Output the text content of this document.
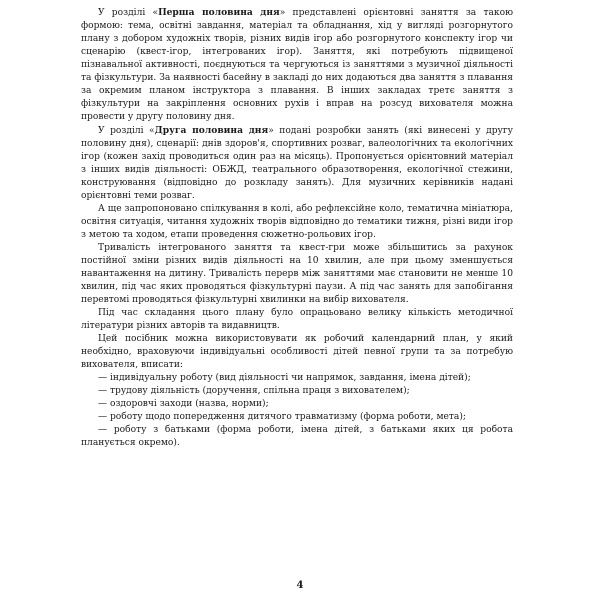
У розділі «Перша половина дня» представлені орієнтовні заняття за такою формою: тема, освітні завдання, матеріал та обладнання, хід у вигляді розгорнутого плану з добором художніх творів, різних видів ігор або розгорнутого конспекту ігор чи сценарію (квест-ігор, інтегрованих ігор). Заняття, які потребують підвищеної пізнавальної активності, поєднуються та чергуються із заняттями з музичної діяльності та фізкультури. За наявності басейну в закладі до них додаються два заняття з плавання за окремим планом інструктора з плавання. В інших закладах третє заняття з фізкультури на закріплення основних рухів і вправ на розсуд вихователя можна провести у другу половину дня.

У розділі «Друга половина дня» подані розробки занять (які винесені у другу половину дня), сценарії: днів здоров'я, спортивних розваг, валеологічних та екологічних ігор (кожен захід проводиться один раз на місяць). Пропонується орієнтовний матеріал з інших видів діяльності: ОБЖД, театрального образотворення, екологічної стежини, конструювання (відповідно до розкладу занять). Для музичних керівників надані орієнтовні теми розваг.

А ще запропоновано спілкування в колі, або рефлексійне коло, тематична мініатюра, освітня ситуація, читання художніх творів відповідно до тематики тижня, різні види ігор з метою та ходом, етапи проведення сюжетно-рольових ігор.

Тривалість інтегрованого заняття та квест-гри може збільшитись за рахунок постійної зміни різних видів діяльності на 10 хвилин, але при цьому зменшується навантаження на дитину. Тривалість перерв між заняттями має становити не менше 10 хвилин, під час яких проводяться фізкультурні паузи. А під час занять для запобігання перевтомі проводяться фізкультурні хвилинки на вибір вихователя.

Під час складання цього плану було опрацьовано велику кількість методичної літератури різних авторів та видавництв.

Цей посібник можна використовувати як робочий календарний план, у який необхідно, враховуючи індивідуальні особливості дітей певної групи та за потребую вихователя, вписати:

— індивідуальну роботу (вид діяльності чи напрямок, завдання, імена дітей);

— трудову діяльність (доручення, спільна праця з вихователем);

— оздоровчі заходи (назва, норми);

— роботу щодо попередження дитячого травматизму (форма роботи, мета);

— роботу з батьками (форма роботи, імена дітей, з батьками яких ця робота планується окремо).

4
